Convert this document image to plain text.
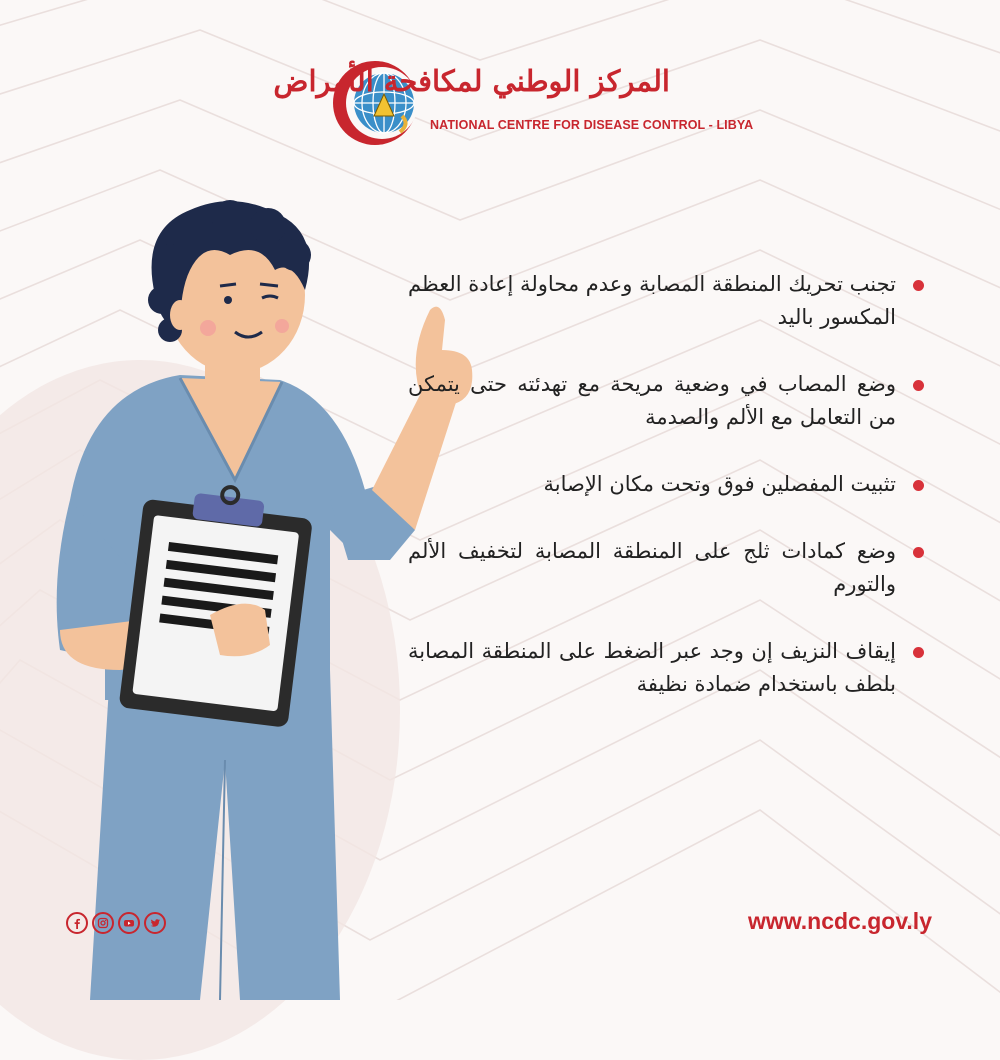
المركز الوطني لمكافحة الأمراض
NATIONAL CENTRE FOR DISEASE CONTROL - LIBYA
تجنب تحريك المنطقة المصابة وعدم محاولة إعادة العظم المكسور باليد
وضع المصاب في وضعية مريحة مع تهدئته حتى يتمكن من التعامل مع الألم والصدمة
تثبيت المفصلين فوق وتحت مكان الإصابة
وضع كمادات ثلج على المنطقة المصابة لتخفيف الألم والتورم
إيقاف النزيف إن وجد عبر الضغط على المنطقة المصابة بلطف باستخدام ضمادة نظيفة
www.ncdc.gov.ly
